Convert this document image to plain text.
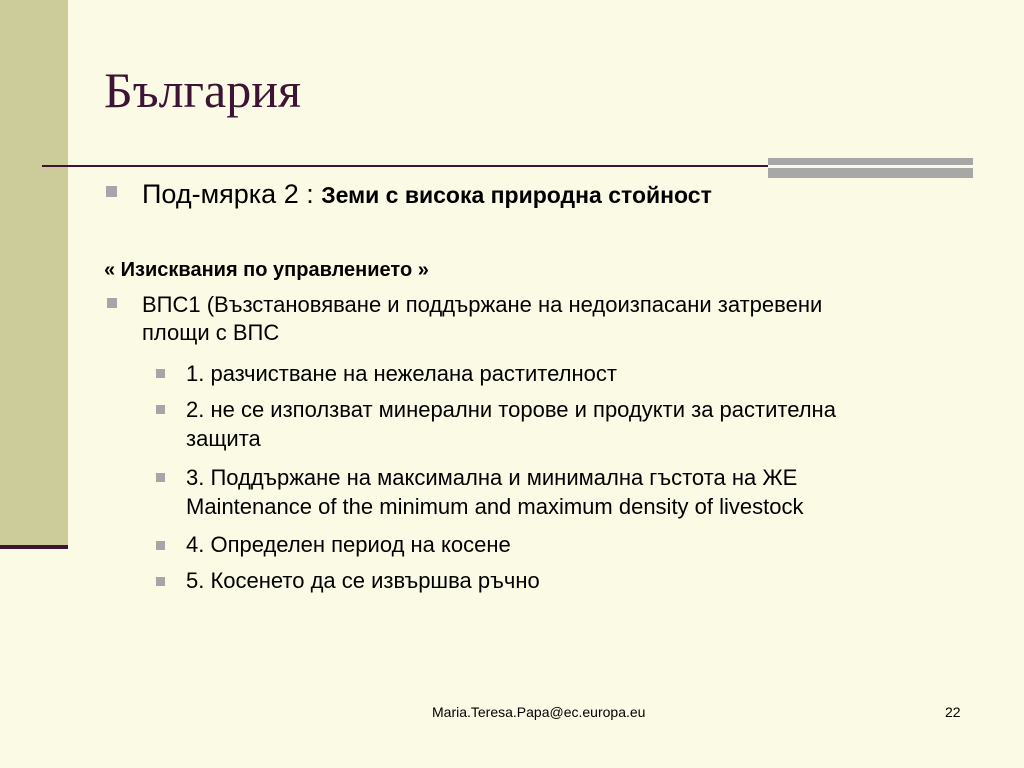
България
Под-мярка 2 : Земи с висока природна стойност
« Изисквания по управлението »
ВПС1 (Възстановяване и поддържане на недоизпасани затревени
площи с ВПС
1. разчистване на нежелана растителност
2. не се използват минерални торове и продукти за растителна
защита
3. Поддържане на максимална и минимална гъстота на ЖЕ
Maintenance of the minimum and maximum density of livestock
4. Определен период на косене
5. Косенето да се извършва ръчно
Maria.Teresa.Papa@ec.europa.eu	22
